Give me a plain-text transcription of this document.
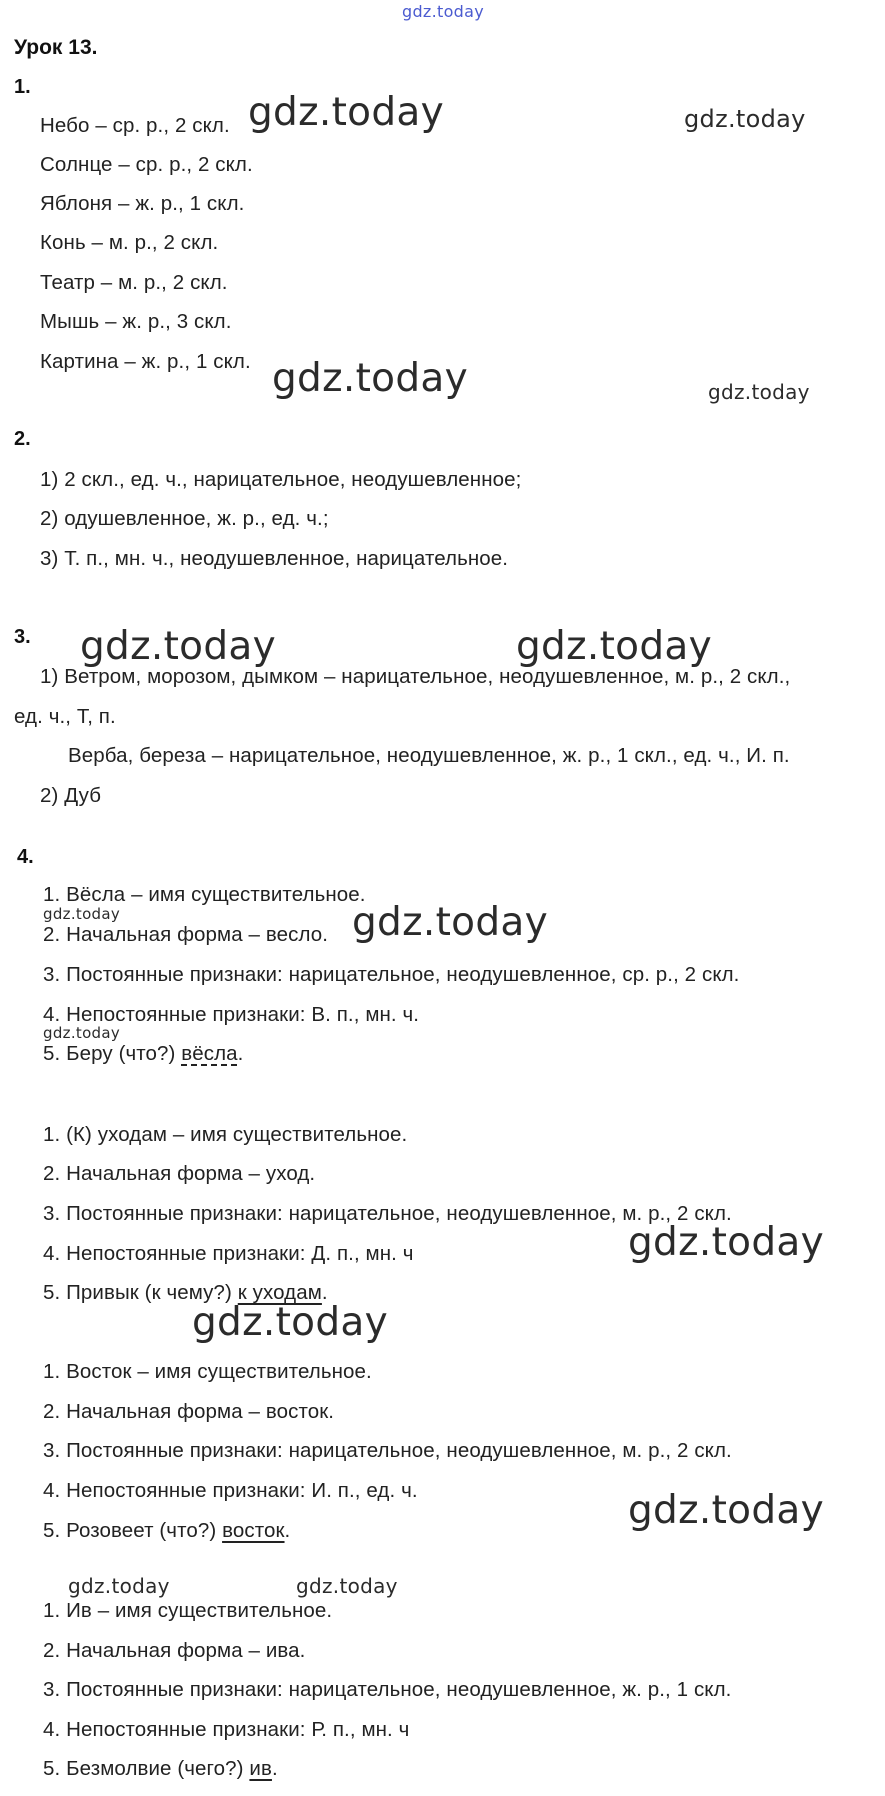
gdz.today
Урок 13.
1.
Небо – ср. р., 2 скл.
Солнце – ср. р., 2 скл.
Яблоня – ж. р., 1 скл.
Конь – м. р., 2 скл.
Театр – м. р., 2 скл.
Мышь – ж. р., 3 скл.
Картина – ж. р., 1 скл.
2.
1) 2 скл., ед. ч., нарицательное, неодушевленное;
2) одушевленное, ж. р., ед. ч.;
3) Т. п., мн. ч., неодушевленное, нарицательное.
3.
1) Ветром, морозом, дымком – нарицательное, неодушевленное, м. р., 2 скл.,
ед. ч., Т, п.
Верба, береза – нарицательное, неодушевленное, ж. р., 1 скл., ед. ч., И. п.
2) Дуб
4.
1. Вёсла – имя существительное.
2. Начальная форма – весло.
3. Постоянные признаки: нарицательное, неодушевленное, ср. р., 2 скл.
4. Непостоянные признаки: В. п., мн. ч.
5. Беру (что?) вёсла.
1. (К) уходам – имя существительное.
2. Начальная форма – уход.
3. Постоянные признаки: нарицательное, неодушевленное, м. р., 2 скл.
4. Непостоянные признаки: Д. п., мн. ч
5. Привык (к чему?) к уходам.
1. Восток – имя существительное.
2. Начальная форма – восток.
3. Постоянные признаки: нарицательное, неодушевленное, м. р., 2 скл.
4. Непостоянные признаки: И. п., ед. ч.
5. Розовеет (что?) восток.
1. Ив – имя существительное.
2. Начальная форма – ива.
3. Постоянные признаки: нарицательное, неодушевленное, ж. р., 1 скл.
4. Непостоянные признаки: Р. п., мн. ч
5. Безмолвие (чего?) ив.
gdz.today	gdz.today
gdz.today	gdz.today
gdz.today	gdz.today
gdz.today	gdz.today
gdz.today
gdz.today
gdz.today
gdz.today
gdz.today	gdz.today
